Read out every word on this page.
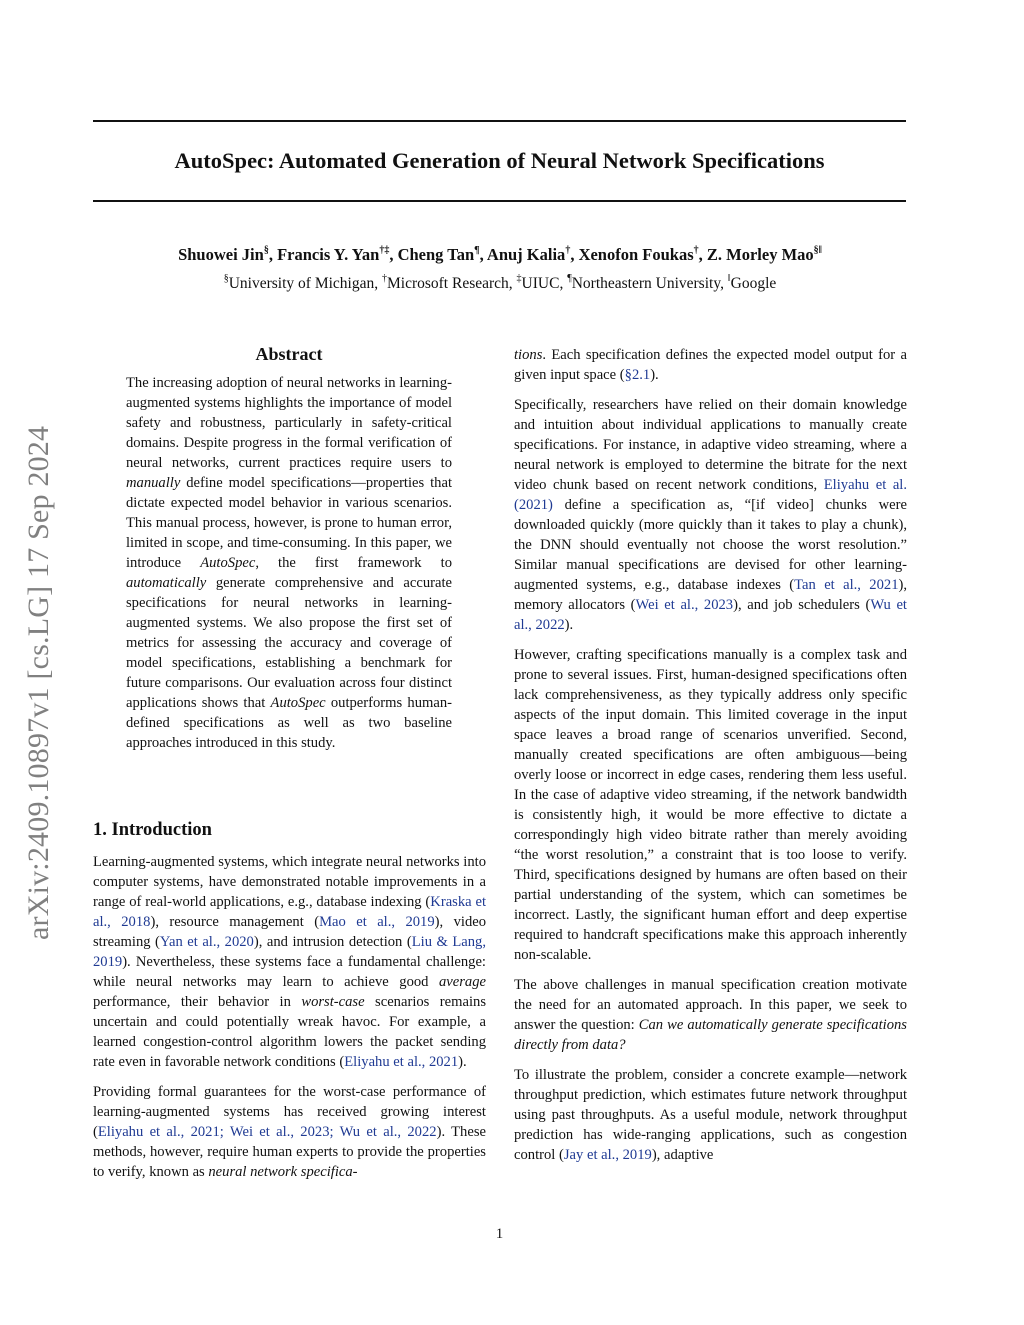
AutoSpec: Automated Generation of Neural Network Specifications
Shuowei Jin§, Francis Y. Yan†‡, Cheng Tan¶, Anuj Kalia†, Xenofon Foukas†, Z. Morley Mao§‖
§University of Michigan, †Microsoft Research, ‡UIUC, ¶Northeastern University, ‖Google
arXiv:2409.10897v1 [cs.LG] 17 Sep 2024
Abstract

The increasing adoption of neural networks in learning-augmented systems highlights the importance of model safety and robustness, particularly in safety-critical domains. Despite progress in the formal verification of neural networks, current practices require users to manually define model specifications—properties that dictate expected model behavior in various scenarios. This manual process, however, is prone to human error, limited in scope, and time-consuming. In this paper, we introduce AutoSpec, the first framework to automatically generate comprehensive and accurate specifications for neural networks in learning-augmented systems. We also propose the first set of metrics for assessing the accuracy and coverage of model specifications, establishing a benchmark for future comparisons. Our evaluation across four distinct applications shows that AutoSpec outperforms human-defined specifications as well as two baseline approaches introduced in this study.

1. Introduction

Learning-augmented systems, which integrate neural networks into computer systems, have demonstrated notable improvements in a range of real-world applications, e.g., database indexing (Kraska et al., 2018), resource management (Mao et al., 2019), video streaming (Yan et al., 2020), and intrusion detection (Liu & Lang, 2019). Nevertheless, these systems face a fundamental challenge: while neural networks may learn to achieve good average performance, their behavior in worst-case scenarios remains uncertain and could potentially wreak havoc. For example, a learned congestion-control algorithm lowers the packet sending rate even in favorable network conditions (Eliyahu et al., 2021).

Providing formal guarantees for the worst-case performance of learning-augmented systems has received growing interest (Eliyahu et al., 2021; Wei et al., 2023; Wu et al., 2022). These methods, however, require human experts to provide the properties to verify, known as neural network specifica-

tions. Each specification defines the expected model output for a given input space (§2.1).

Specifically, researchers have relied on their domain knowledge and intuition about individual applications to manually create specifications. For instance, in adaptive video streaming, where a neural network is employed to determine the bitrate for the next video chunk based on recent network conditions, Eliyahu et al. (2021) define a specification as, “[if video] chunks were downloaded quickly (more quickly than it takes to play a chunk), the DNN should eventually not choose the worst resolution.” Similar manual specifications are devised for other learning-augmented systems, e.g., database indexes (Tan et al., 2021), memory allocators (Wei et al., 2023), and job schedulers (Wu et al., 2022).

However, crafting specifications manually is a complex task and prone to several issues. First, human-designed specifications often lack comprehensiveness, as they typically address only specific aspects of the input domain. This limited coverage in the input space leaves a broad range of scenarios unverified. Second, manually created specifications are often ambiguous—being overly loose or incorrect in edge cases, rendering them less useful. In the case of adaptive video streaming, if the network bandwidth is consistently high, it would be more effective to dictate a correspondingly high video bitrate rather than merely avoiding “the worst resolution,” a constraint that is too loose to verify. Third, specifications designed by humans are often based on their partial understanding of the system, which can sometimes be incorrect. Lastly, the significant human effort and deep expertise required to handcraft specifications make this approach inherently non-scalable.

The above challenges in manual specification creation motivate the need for an automated approach. In this paper, we seek to answer the question: Can we automatically generate specifications directly from data?

To illustrate the problem, consider a concrete example—network throughput prediction, which estimates future network throughput using past throughputs. As a useful module, network throughput prediction has wide-ranging applications, such as congestion control (Jay et al., 2019), adaptive

1
